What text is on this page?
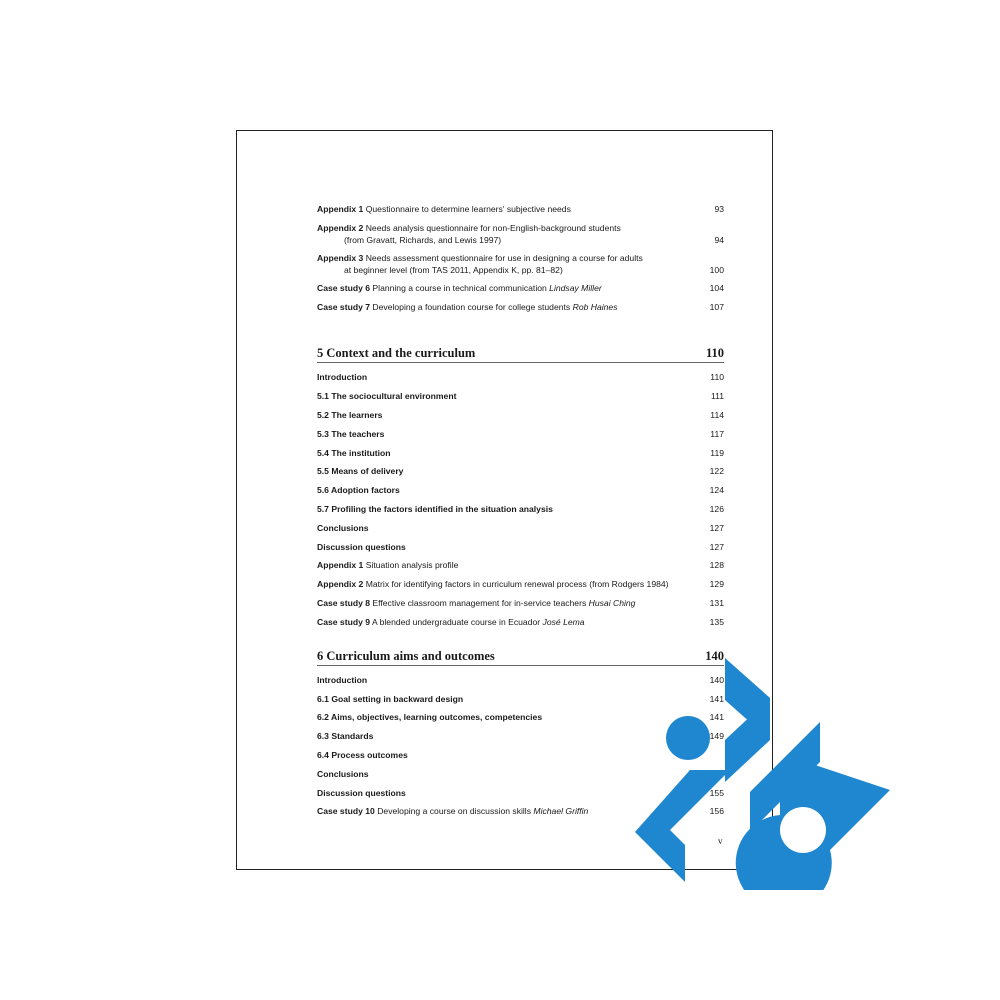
Appendix 1 Questionnaire to determine learners' subjective needs	93
Appendix 2 Needs analysis questionnaire for non-English-background students
(from Gravatt, Richards, and Lewis 1997)	94
Appendix 3 Needs assessment questionnaire for use in designing a course for adults
at beginner level (from TAS 2011, Appendix K, pp. 81–82)	100
Case study 6 Planning a course in technical communication Lindsay Miller	104
Case study 7 Developing a foundation course for college students Rob Haines	107
5 Context and the curriculum	110
Introduction	110
5.1 The sociocultural environment	111
5.2 The learners	114
5.3 The teachers	117
5.4 The institution	119
5.5 Means of delivery	122
5.6 Adoption factors	124
5.7 Profiling the factors identified in the situation analysis	126
Conclusions	127
Discussion questions	127
Appendix 1 Situation analysis profile	128
Appendix 2 Matrix for identifying factors in curriculum renewal process (from Rodgers 1984)	129
Case study 8 Effective classroom management for in-service teachers Husai Ching	131
Case study 9 A blended undergraduate course in Ecuador José Lema	135
6 Curriculum aims and outcomes	140
Introduction	140
6.1 Goal setting in backward design	141
6.2 Aims, objectives, learning outcomes, competencies	141
6.3 Standards	149
6.4 Process outcomes
Conclusions
Discussion questions	155
Case study 10 Developing a course on discussion skills Michael Griffin	156
v
